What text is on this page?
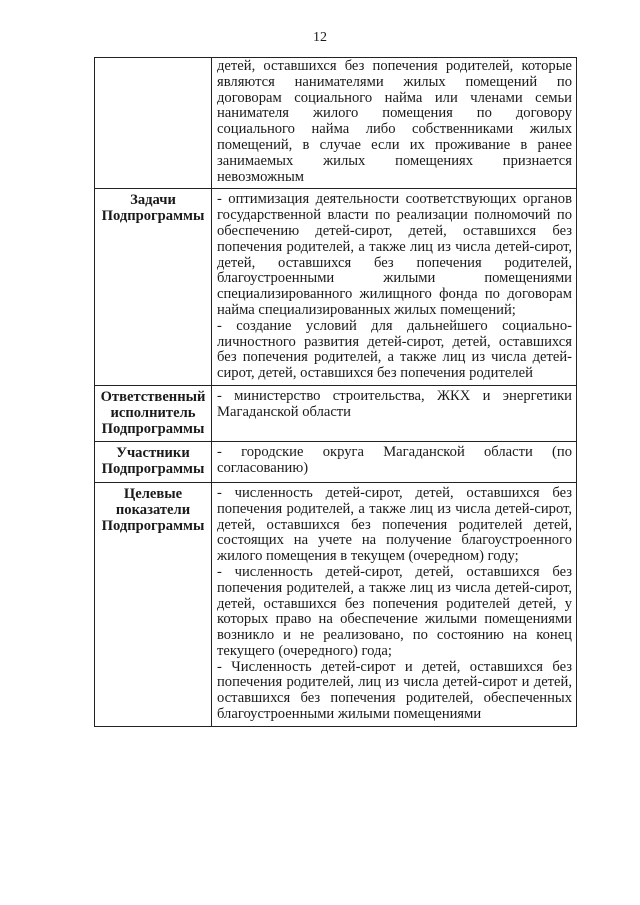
12

	детей, оставшихся без попечения родителей, которые являются нанимателями жилых помещений по договорам социального найма или членами семьи нанимателя жилого помещения по договору социального найма либо собственниками жилых помещений, в случае если их проживание в ранее занимаемых жилых помещениях признается невозможным

Задачи Подпрограммы	- оптимизация деятельности соответствующих органов государственной власти по реализации полномочий по обеспечению детей-сирот, детей, оставшихся без попечения родителей, а также лиц из числа детей-сирот, детей, оставшихся без попечения родителей, благоустроенными жилыми помещениями специализированного жилищного фонда по договорам найма специализированных жилых помещений;
- создание условий для дальнейшего социально-личностного развития детей-сирот, детей, оставшихся без попечения родителей, а также лиц из числа детей-сирот, детей, оставшихся без попечения родителей

Ответственный исполнитель Подпрограммы	- министерство строительства, ЖКХ и энергетики Магаданской области

Участники Подпрограммы	- городские округа Магаданской области (по согласованию)

Целевые показатели Подпрограммы	- численность детей-сирот, детей, оставшихся без попечения родителей, а также лиц из числа детей-сирот, детей, оставшихся без попечения родителей детей, состоящих на учете на получение благоустроенного жилого помещения в текущем (очередном) году;
- численность детей-сирот, детей, оставшихся без попечения родителей, а также лиц из числа детей-сирот, детей, оставшихся без попечения родителей детей, у которых право на обеспечение жилыми помещениями возникло и не реализовано, по состоянию на конец текущего (очередного) года;
- Численность детей-сирот и детей, оставшихся без попечения родителей, лиц из числа детей-сирот и детей, оставшихся без попечения родителей, обеспеченных благоустроенными жилыми помещениями
